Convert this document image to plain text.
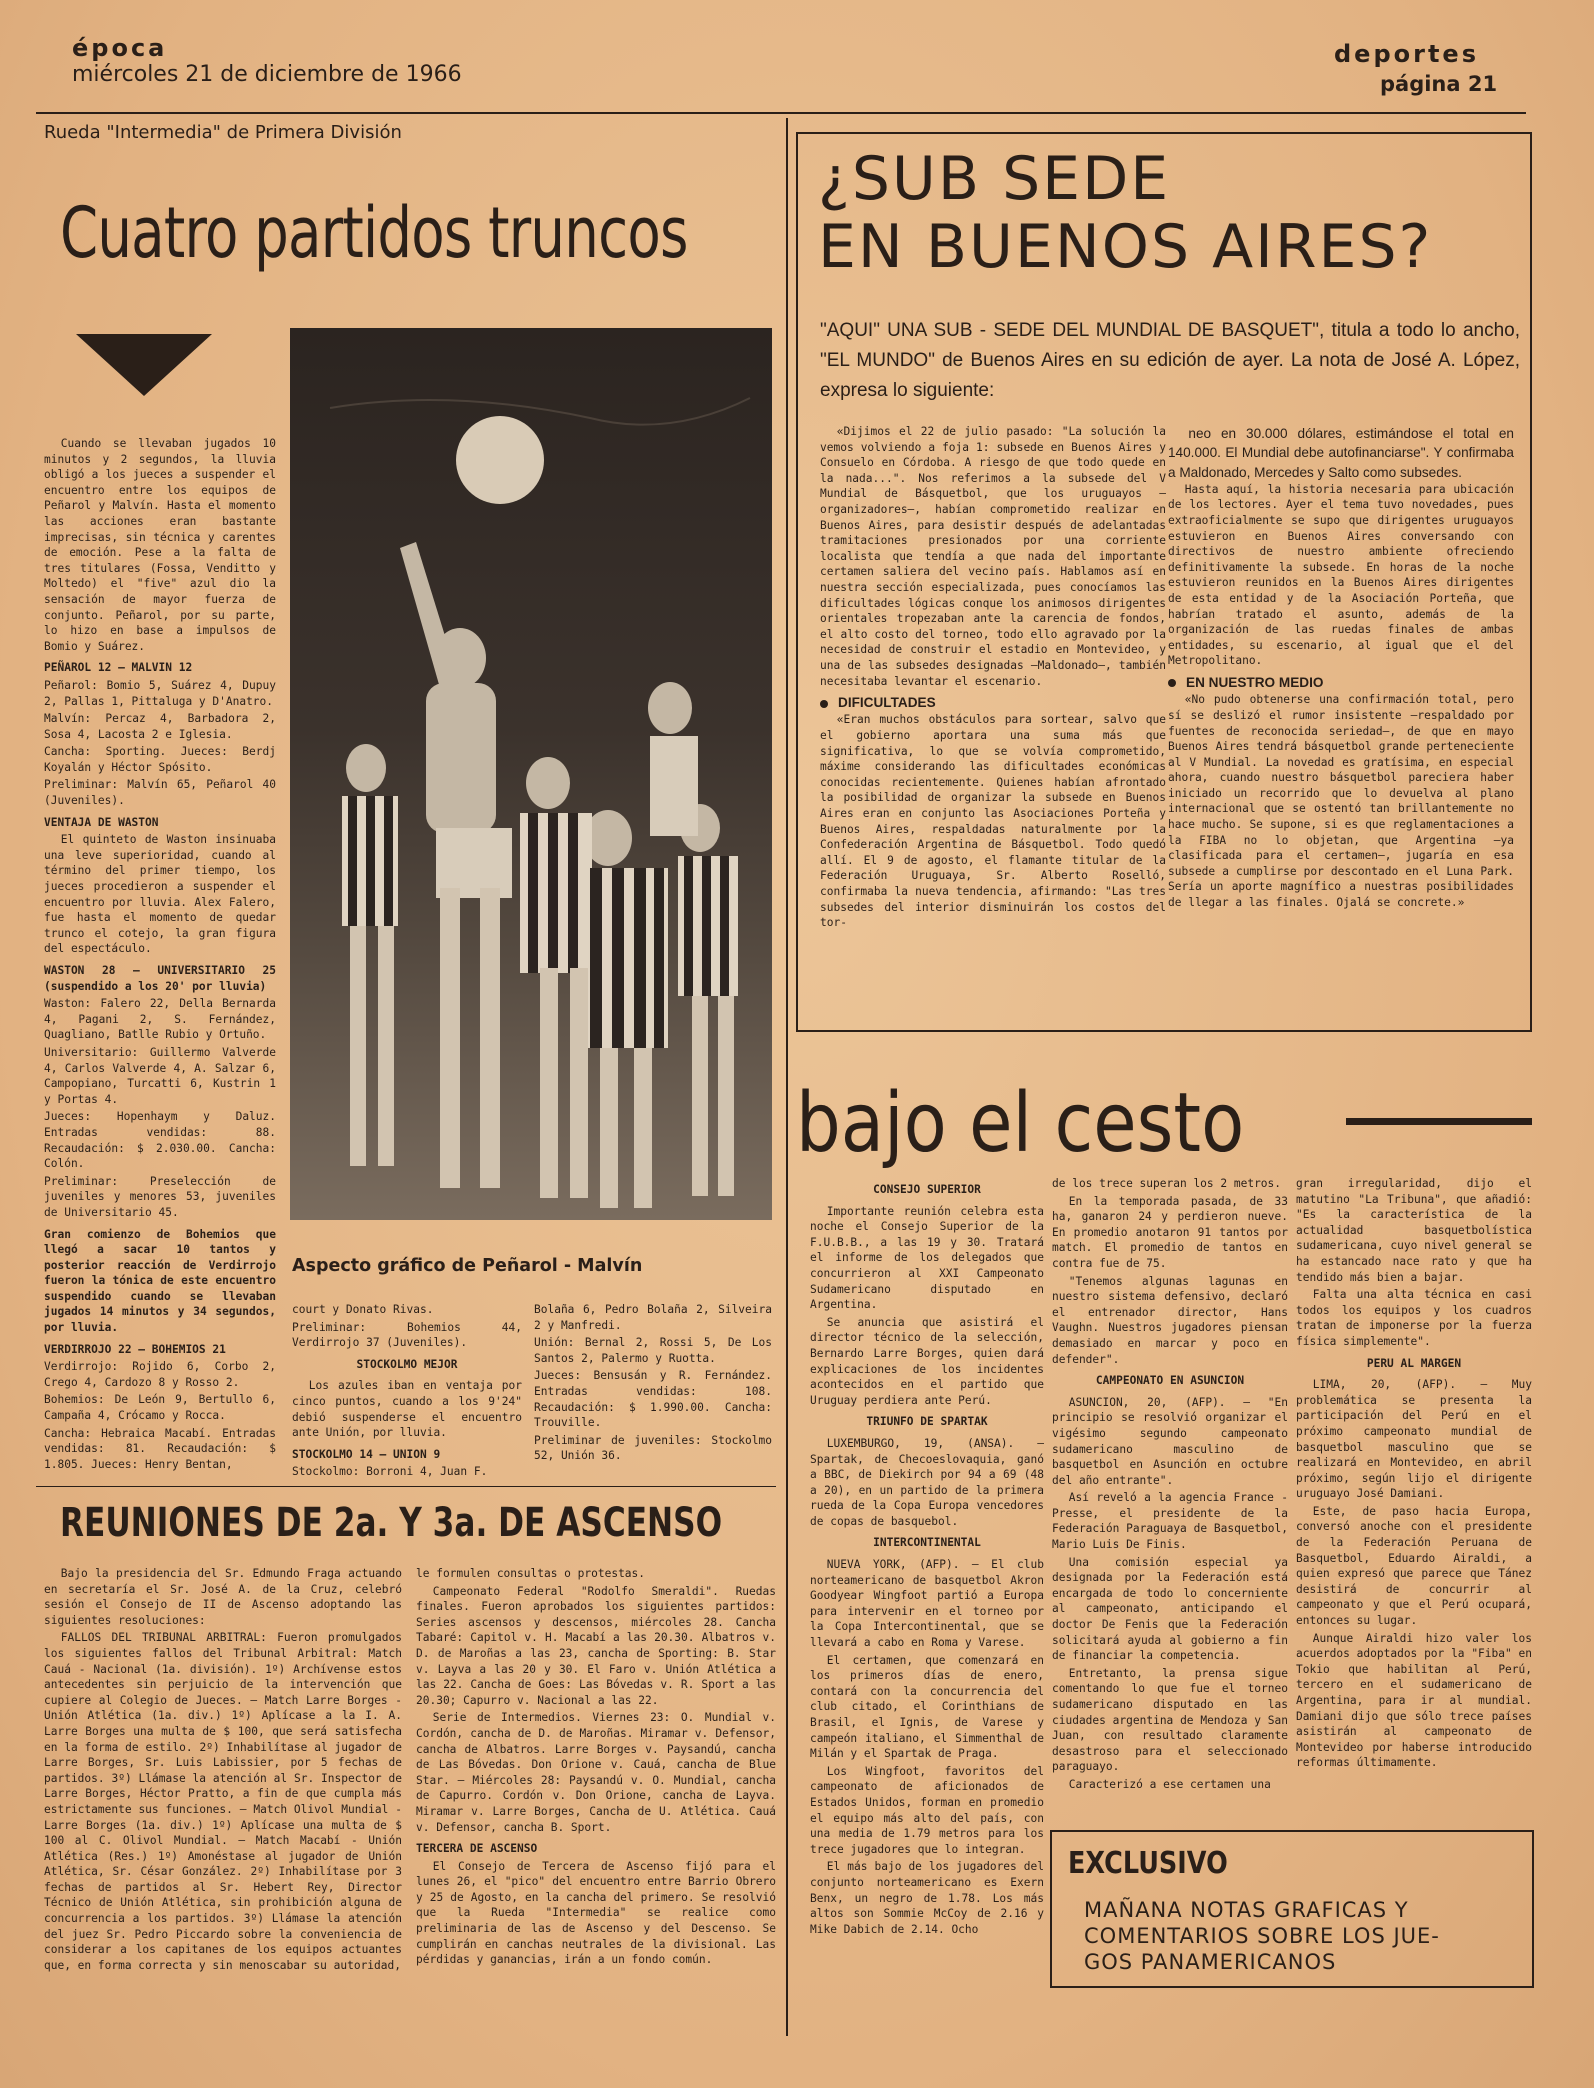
época
miércoles 21 de diciembre de 1966
deportes
página 21
Rueda "Intermedia" de Primera División
Cuatro partidos truncos
Aspecto gráfico de Peñarol - Malvín

Cuando se llevaban jugados 10 minutos y 2 segundos, la lluvia obligó a los jueces a suspender el encuentro entre los equipos de Peñarol y Malvín. Hasta el momento las acciones eran bastante imprecisas, sin técnica y carentes de emoción. Pese a la falta de tres titulares (Fossa, Venditto y Moltedo) el "five" azul dio la sensación de mayor fuerza de conjunto. Peñarol, por su parte, lo hizo en base a impulsos de Bomio y Suárez.

PEÑAROL 12 — MALVIN 12

Peñarol: Bomio 5, Suárez 4, Dupuy 2, Pallas 1, Pittaluga y D'Anatro.

Malvín: Percaz 4, Barbadora 2, Sosa 4, Lacosta 2 e Iglesia.

Cancha: Sporting. Jueces: Berdj Koyalán y Héctor Spósito.

Preliminar: Malvín 65, Peñarol 40 (Juveniles).

VENTAJA DE WASTON

El quinteto de Waston insinuaba una leve superioridad, cuando al término del primer tiempo, los jueces procedieron a suspender el encuentro por lluvia. Alex Falero, fue hasta el momento de quedar trunco el cotejo, la gran figura del espectáculo.

WASTON 28 — UNIVERSITARIO 25 (suspendido a los 20' por lluvia)

Waston: Falero 22, Della Bernarda 4, Pagani 2, S. Fernández, Quagliano, Batlle Rubio y Ortuño.

Universitario: Guillermo Valverde 4, Carlos Valverde 4, A. Salzar 6, Campopiano, Turcatti 6, Kustrin 1 y Portas 4.

Jueces: Hopenhaym y Daluz. Entradas vendidas: 88. Recaudación: $ 2.030.00. Cancha: Colón.

Preliminar: Preselección de juveniles y menores 53, juveniles de Universitario 45.

Gran comienzo de Bohemios que llegó a sacar 10 tantos y posterior reacción de Verdirrojo fueron la tónica de este encuentro suspendido cuando se llevaban jugados 14 minutos y 34 segundos, por lluvia.

VERDIRROJO 22 — BOHEMIOS 21

Verdirrojo: Rojido 6, Corbo 2, Crego 4, Cardozo 8 y Rosso 2.

Bohemios: De León 9, Bertullo 6, Campaña 4, Crócamo y Rocca.

Cancha: Hebraica Macabí. Entradas vendidas: 81. Recaudación: $ 1.805. Jueces: Henry Bentan,

court y Donato Rivas.

Preliminar: Bohemios 44, Verdirrojo 37 (Juveniles).

STOCKOLMO MEJOR

Los azules iban en ventaja por cinco puntos, cuando a los 9'24" debió suspenderse el encuentro ante Unión, por lluvia.

STOCKOLMO 14 — UNION 9

Stockolmo: Borroni 4, Juan F.

Bolaña 6, Pedro Bolaña 2, Silveira 2 y Manfredi.

Unión: Bernal 2, Rossi 5, De Los Santos 2, Palermo y Ruotta.

Jueces: Bensusán y R. Fernández. Entradas vendidas: 108. Recaudación: $ 1.990.00. Cancha: Trouville.

Preliminar de juveniles: Stockolmo 52, Unión 36.

REUNIONES DE 2a. Y 3a. DE ASCENSO

Bajo la presidencia del Sr. Edmundo Fraga actuando en secretaría el Sr. José A. de la Cruz, celebró sesión el Consejo de II de Ascenso adoptando las siguientes resoluciones:

FALLOS DEL TRIBUNAL ARBITRAL: Fueron promulgados los siguientes fallos del Tribunal Arbitral: Match Cauá - Nacional (1a. división). 1º) Archívense estos antecedentes sin perjuicio de la intervención que cupiere al Colegio de Jueces. — Match Larre Borges - Unión Atlética (1a. div.) 1º) Aplícase a la I. A. Larre Borges una multa de $ 100, que será satisfecha en la forma de estilo. 2º) Inhabilítase al jugador de Larre Borges, Sr. Luis Labissier, por 5 fechas de partidos. 3º) Llámase la atención al Sr. Inspector de Larre Borges, Héctor Pratto, a fin de que cumpla más estrictamente sus funciones. — Match Olivol Mundial - Larre Borges (1a. div.) 1º) Aplícase una multa de $ 100 al C. Olivol Mundial. — Match Macabí - Unión Atlética (Res.) 1º) Amonéstase al jugador de Unión Atlética, Sr. César González. 2º) Inhabilítase por 3 fechas de partidos al Sr. Hebert Rey, Director Técnico de Unión Atlética, sin prohibición alguna de concurrencia a los partidos. 3º) Llámase la atención del juez Sr. Pedro Piccardo sobre la conveniencia de considerar a los capitanes de los equipos actuantes que, en forma correcta y sin menoscabar su autoridad,

le formulen consultas o protestas.

Campeonato Federal "Rodolfo Smeraldi". Ruedas finales. Fueron aprobados los siguientes partidos: Series ascensos y descensos, miércoles 28. Cancha Tabaré: Capitol v. H. Macabí a las 20.30. Albatros v. D. de Maroñas a las 23, cancha de Sporting: B. Star v. Layva a las 20 y 30. El Faro v. Unión Atlética a las 22. Cancha de Goes: Las Bóvedas v. R. Sport a las 20.30; Capurro v. Nacional a las 22.

Serie de Intermedios. Viernes 23: O. Mundial v. Cordón, cancha de D. de Maroñas. Miramar v. Defensor, cancha de Albatros. Larre Borges v. Paysandú, cancha de Las Bóvedas. Don Orione v. Cauá, cancha de Blue Star. — Miércoles 28: Paysandú v. O. Mundial, cancha de Capurro. Cordón v. Don Orione, cancha de Layva. Miramar v. Larre Borges, Cancha de U. Atlética. Cauá v. Defensor, cancha B. Sport.

TERCERA DE ASCENSO

El Consejo de Tercera de Ascenso fijó para el lunes 26, el "pico" del encuentro entre Barrio Obrero y 25 de Agosto, en la cancha del primero. Se resolvió que la Rueda "Intermedia" se realice como preliminaria de las de Ascenso y del Descenso. Se cumplirán en canchas neutrales de la divisional. Las pérdidas y ganancias, irán a un fondo común.

¿SUB SEDE
EN BUENOS AIRES?
"AQUI" UNA SUB - SEDE DEL MUNDIAL DE BASQUET", titula a todo lo ancho, "EL MUNDO" de Buenos Aires en su edición de ayer. La nota de José A. López, expresa lo siguiente:

«Dijimos el 22 de julio pasado: "La solución la vemos volviendo a foja 1: subsede en Buenos Aires y Consuelo en Córdoba. A riesgo de que todo quede en la nada...". Nos referimos a la subsede del V Mundial de Básquetbol, que los uruguayos —organizadores—, habían comprometido realizar en Buenos Aires, para desistir después de adelantadas tramitaciones presionados por una corriente localista que tendía a que nada del importante certamen saliera del vecino país. Hablamos así en nuestra sección especializada, pues conocíamos las dificultades lógicas conque los animosos dirigentes orientales tropezaban ante la carencia de fondos, el alto costo del torneo, todo ello agravado por la necesidad de construir el estadio en Montevideo, y una de las subsedes designadas —Maldonado—, también necesitaba levantar el escenario.

DIFICULTADES

«Eran muchos obstáculos para sortear, salvo que el gobierno aportara una suma más que significativa, lo que se volvía comprometido, máxime considerando las dificultades económicas conocidas recientemente. Quienes habían afrontado la posibilidad de organizar la subsede en Buenos Aires eran en conjunto las Asociaciones Porteña y Buenos Aires, respaldadas naturalmente por la Confederación Argentina de Básquetbol. Todo quedó allí. El 9 de agosto, el flamante titular de la Federación Uruguaya, Sr. Alberto Roselló, confirmaba la nueva tendencia, afirmando: "Las tres subsedes del interior disminuirán los costos del tor-

neo en 30.000 dólares, estimándose el total en 140.000. El Mundial debe autofinanciarse". Y confirmaba a Maldonado, Mercedes y Salto como subsedes.

Hasta aquí, la historia necesaria para ubicación de los lectores. Ayer el tema tuvo novedades, pues extraoficialmente se supo que dirigentes uruguayos estuvieron en Buenos Aires conversando con directivos de nuestro ambiente ofreciendo definitivamente la subsede. En horas de la noche estuvieron reunidos en la Buenos Aires dirigentes de esta entidad y de la Asociación Porteña, que habrían tratado el asunto, además de la organización de las ruedas finales de ambas entidades, su escenario, al igual que el del Metropolitano.

EN NUESTRO MEDIO

«No pudo obtenerse una confirmación total, pero sí se deslizó el rumor insistente —respaldado por fuentes de reconocida seriedad—, de que en mayo Buenos Aires tendrá básquetbol grande perteneciente al V Mundial. La novedad es gratísima, en especial ahora, cuando nuestro básquetbol pareciera haber iniciado un recorrido que lo devuelva al plano internacional que se ostentó tan brillantemente no hace mucho. Se supone, si es que reglamentaciones a la FIBA no lo objetan, que Argentina —ya clasificada para el certamen—, jugaría en esa subsede a cumplirse por descontado en el Luna Park. Sería un aporte magnífico a nuestras posibilidades de llegar a las finales. Ojalá se concrete.»

bajo el cesto

CONSEJO SUPERIOR

Importante reunión celebra esta noche el Consejo Superior de la F.U.B.B., a las 19 y 30. Tratará el informe de los delegados que concurrieron al XXI Campeonato Sudamericano disputado en Argentina.

Se anuncia que asistirá el director técnico de la selección, Bernardo Larre Borges, quien dará explicaciones de los incidentes acontecidos en el partido que Uruguay perdiera ante Perú.

TRIUNFO DE SPARTAK

LUXEMBURGO, 19, (ANSA). — Spartak, de Checoeslovaquia, ganó a BBC, de Diekirch por 94 a 69 (48 a 20), en un partido de la primera rueda de la Copa Europa vencedores de copas de basquebol.

INTERCONTINENTAL

NUEVA YORK, (AFP). — El club norteamericano de basquetbol Akron Goodyear Wingfoot partió a Europa para intervenir en el torneo por la Copa Intercontinental, que se llevará a cabo en Roma y Varese.

El certamen, que comenzará en los primeros días de enero, contará con la concurrencia del club citado, el Corinthians de Brasil, el Ignis, de Varese y campeón italiano, el Simmenthal de Milán y el Spartak de Praga.

Los Wingfoot, favoritos del campeonato de aficionados de Estados Unidos, forman en promedio el equipo más alto del país, con una media de 1.79 metros para los trece jugadores que lo integran.

El más bajo de los jugadores del conjunto norteamericano es Exern Benx, un negro de 1.78. Los más altos son Sommie McCoy de 2.16 y Mike Dabich de 2.14. Ocho

de los trece superan los 2 metros.

En la temporada pasada, de 33 ha, ganaron 24 y perdieron nueve. En promedio anotaron 91 tantos por match. El promedio de tantos en contra fue de 75.

"Tenemos algunas lagunas en nuestro sistema defensivo, declaró el entrenador director, Hans Vaughn. Nuestros jugadores piensan demasiado en marcar y poco en defender".

CAMPEONATO EN ASUNCION

ASUNCION, 20, (AFP). — "En principio se resolvió organizar el vigésimo segundo campeonato sudamericano masculino de basquetbol en Asunción en octubre del año entrante".

Así reveló a la agencia France - Presse, el presidente de la Federación Paraguaya de Basquetbol, Mario Luis De Finis.

Una comisión especial ya designada por la Federación está encargada de todo lo concerniente al campeonato, anticipando el doctor De Fenis que la Federación solicitará ayuda al gobierno a fin de financiar la competencia.

Entretanto, la prensa sigue comentando lo que fue el torneo sudamericano disputado en las ciudades argentina de Mendoza y San Juan, con resultado claramente desastroso para el seleccionado paraguayo.

Caracterizó a ese certamen una

gran irregularidad, dijo el matutino "La Tribuna", que añadió: "Es la característica de la actualidad basquetbolística sudamericana, cuyo nivel general se ha estancado nace rato y que ha tendido más bien a bajar.

Falta una alta técnica en casi todos los equipos y los cuadros tratan de imponerse por la fuerza física simplemente".

PERU AL MARGEN

LIMA, 20, (AFP). — Muy problemática se presenta la participación del Perú en el próximo campeonato mundial de basquetbol masculino que se realizará en Montevideo, en abril próximo, según lijo el dirigente uruguayo José Damiani.

Este, de paso hacia Europa, conversó anoche con el presidente de la Federación Peruana de Basquetbol, Eduardo Airaldi, a quien expresó que parece que Tánez desistirá de concurrir al campeonato y que el Perú ocupará, entonces su lugar.

Aunque Airaldi hizo valer los acuerdos adoptados por la "Fiba" en Tokio que habilitan al Perú, tercero en el sudamericano de Argentina, para ir al mundial. Damiani dijo que sólo trece países asistirán al campeonato de Montevideo por haberse introducido reformas últimamente.

EXCLUSIVO
MAÑANA NOTAS GRAFICAS Y
COMENTARIOS SOBRE LOS JUE-
GOS PANAMERICANOS
